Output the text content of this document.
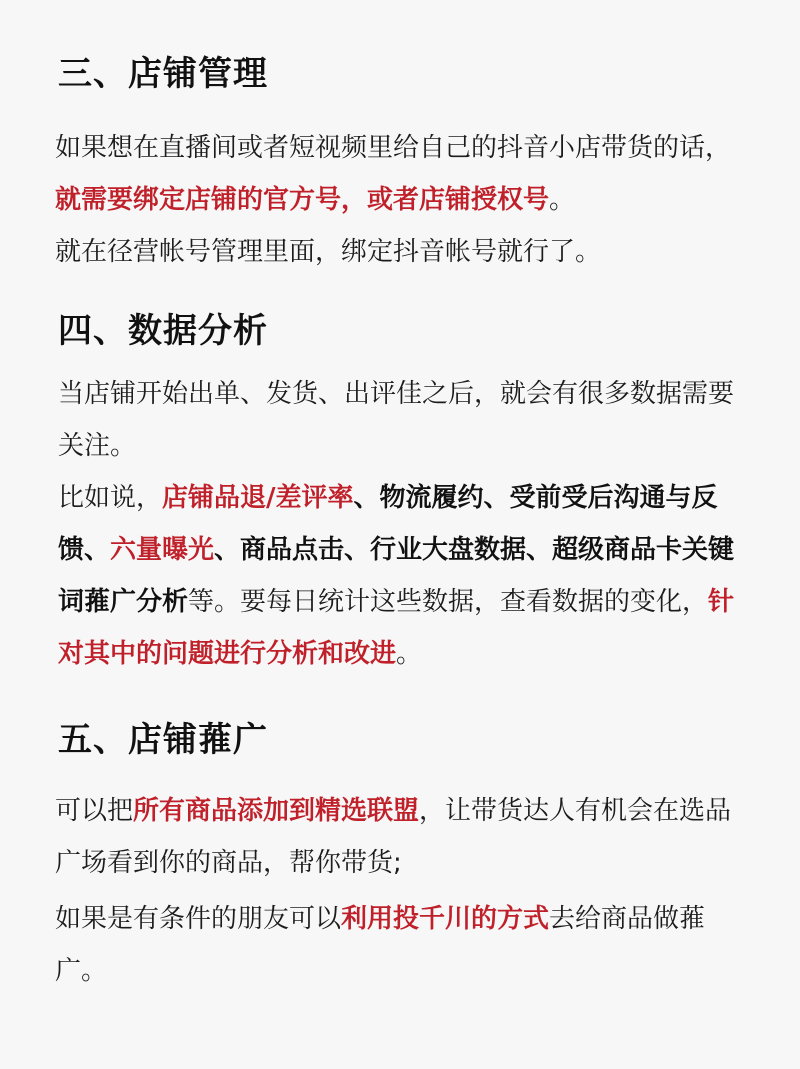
三、店铺管理

如果想在直播间或者短视频里给自己的抖音小店带货的话，就需要绑定店铺的官方号，或者店铺授权号。

就在径营帐号管理里面，绑定抖音帐号就行了。

四、数据分析

当店铺开始出单、发货、出评佳之后，就会有很多数据需要关注。

比如说，店铺品退/差评率、物流履约、受前受后沟通与反馈、六量曝光、商品点击、行业大盘数据、超级商品卡关键词蓷广分析等。要每日统计这些数据，查看数据的变化，针对其中的问题进行分析和改进。

五、店铺蓷广

可以把所有商品添加到精选联盟，让带货达人有机会在选品广场看到你的商品，帮你带货;

如果是有条件的朋友可以利用投千川的方式去给商品做蓷广。
